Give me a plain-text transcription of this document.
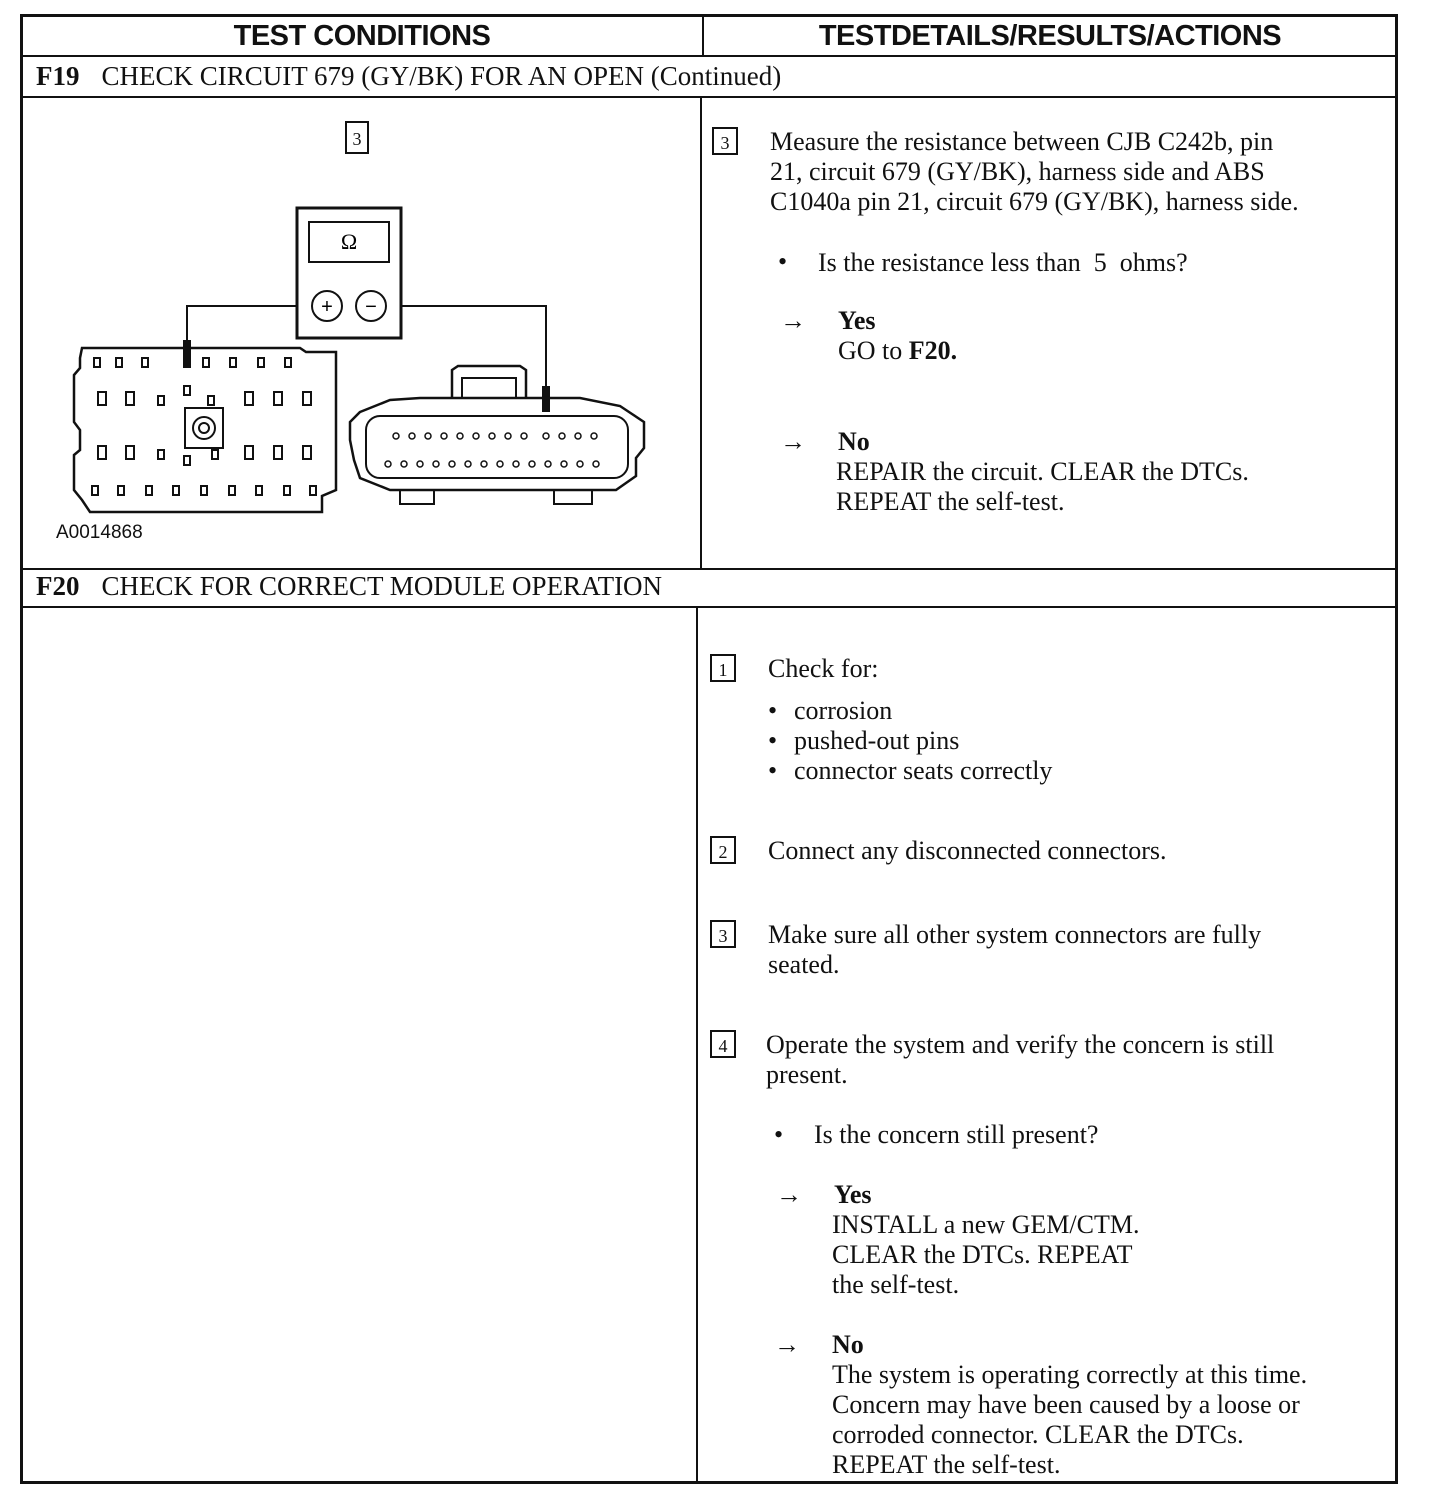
TEST CONDITIONS	TESTDETAILS/RESULTS/ACTIONS
F19 CHECK CIRCUIT 679 (GY/BK) FOR AN OPEN (Continued)
3
Ω
+ −
A0014868
3	Measure the resistance between CJB C242b, pin
21, circuit 679 (GY/BK), harness side and ABS
C1040a pin 21, circuit 679 (GY/BK), harness side.
• Is the resistance less than  5  ohms?
→ Yes
GO to F20.
→ No
REPAIR the circuit. CLEAR the DTCs.
REPEAT the self-test.
F20 CHECK FOR CORRECT MODULE OPERATION
1	Check for:
• corrosion
• pushed-out pins
• connector seats correctly
2	Connect any disconnected connectors.
3	Make sure all other system connectors are fully
seated.
4	Operate the system and verify the concern is still
present.
• Is the concern still present?
→ Yes
INSTALL a new GEM/CTM.
CLEAR the DTCs. REPEAT
the self-test.
→ No
The system is operating correctly at this time.
Concern may have been caused by a loose or
corroded connector. CLEAR the DTCs.
REPEAT the self-test.
